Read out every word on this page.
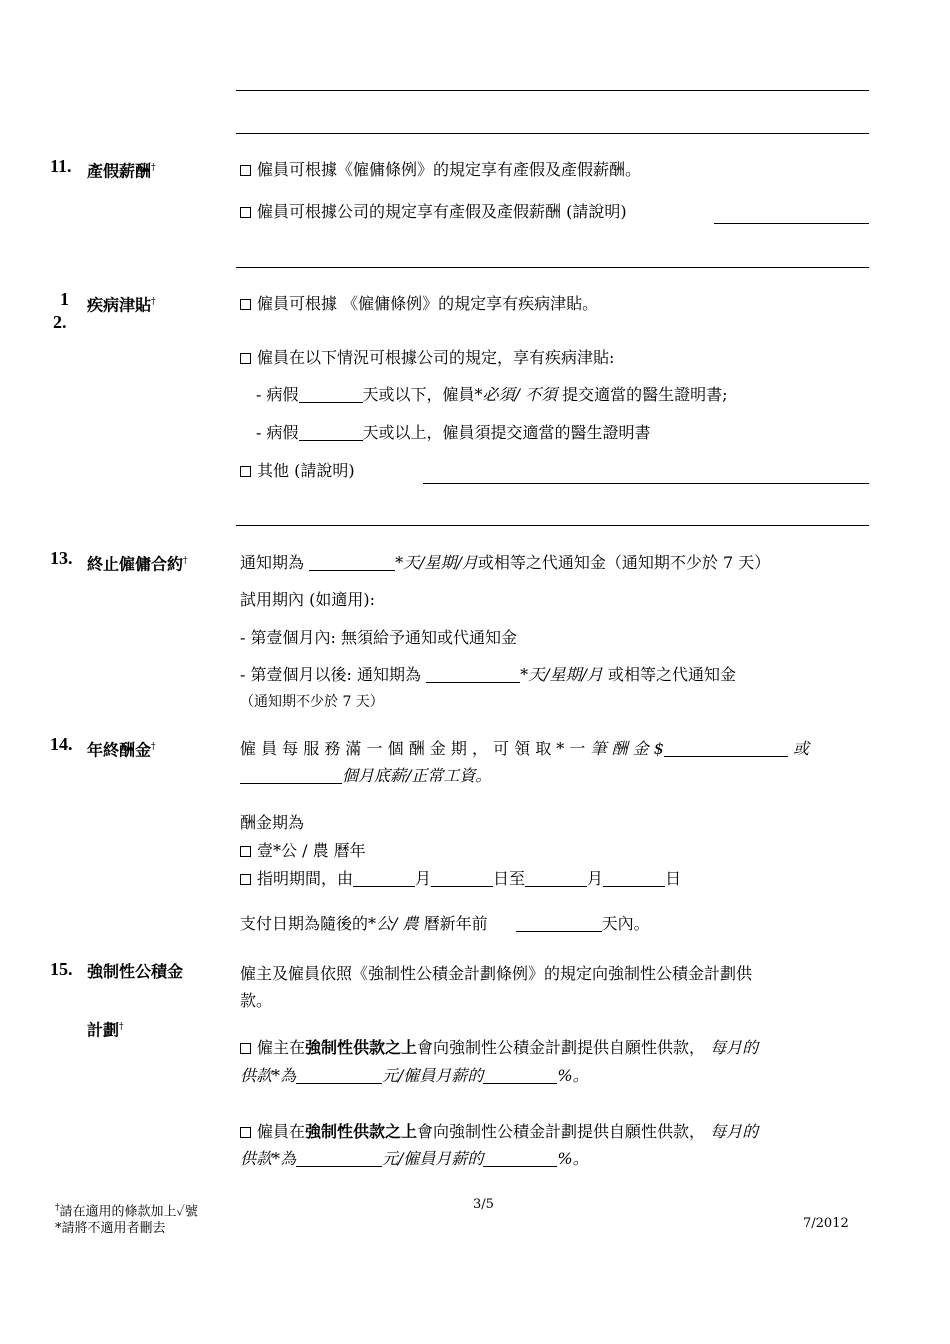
11. 產假薪酬†	僱員可根據《僱傭條例》的規定享有產假及產假薪酬。
僱員可根據公司的規定享有產假及產假薪酬 (請說明)
1
2.
疾病津貼†	僱員可根據 《僱傭條例》的規定享有疾病津貼。
僱員在以下情況可根據公司的規定，享有疾病津貼:
- 病假	天或以下，僱員*必須/ 不須 提交適當的醫生證明書;
- 病假	天或以上，僱員須提交適當的醫生證明書
其他 (請說明)
13. 終止僱傭合約†	通知期為	*天/星期/月或相等之代通知金（通知期不少於 7 天）
試用期內 (如適用):
- 第壹個月內: 無須給予通知或代通知金
- 第壹個月以後: 通知期為	*天/星期/月 或相等之代通知金
（通知期不少於 7 天）
14. 年終酬金†	僱 員 每 服 務 滿 一 個 酬 金 期 ， 可 領 取 * 一 筆 酬 金 $	或
個月底薪/正常工資。
酬金期為
壹*公 / 農 曆年
指明期間，由	月	日至	月	日
支付日期為隨後的*公/ 農 曆新年前	天內。
15. 強制性公積金
計劃†
僱主及僱員依照《強制性公積金計劃條例》的規定向強制性公積金計劃供
款。
僱主在強制性供款之上會向強制性公積金計劃提供自願性供款， 每月的
供款*為	元/僱員月薪的	%。
僱員在強制性供款之上會向強制性公積金計劃提供自願性供款， 每月的
供款*為	元/僱員月薪的	%。
†請在適用的條款加上✓號
*請將不適用者刪去
3/5
7/2012
